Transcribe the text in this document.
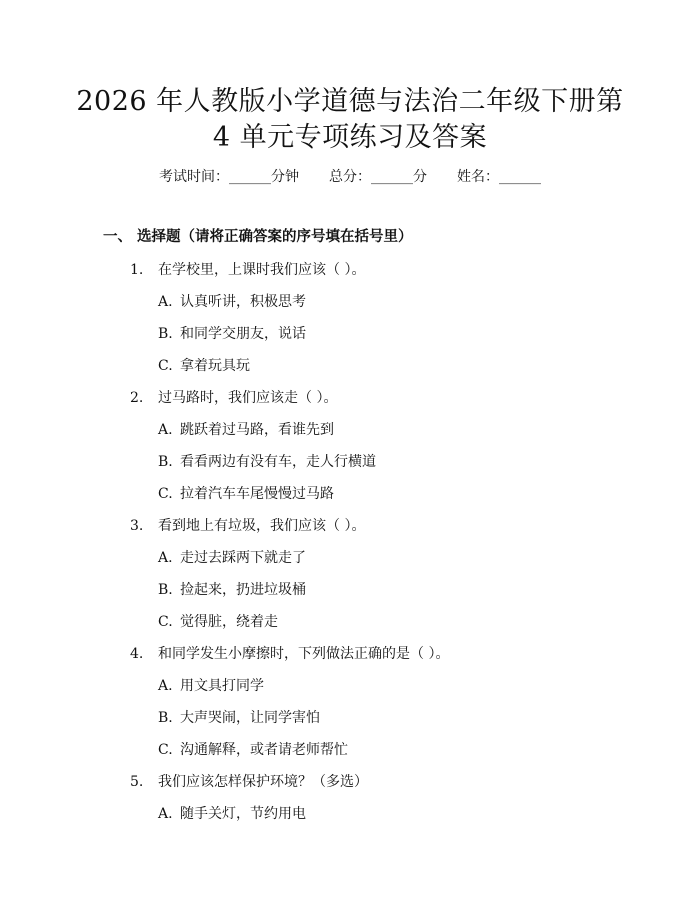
2026 年人教版小学道德与法治二年级下册第
4 单元专项练习及答案
考试时间：______分钟 总分：______分 姓名：______
一、 选择题（请将正确答案的序号填在括号里）
1. 在学校里，上课时我们应该（ ）。
A. 认真听讲，积极思考
B. 和同学交朋友，说话
C. 拿着玩具玩
2. 过马路时，我们应该走（ ）。
A. 跳跃着过马路，看谁先到
B. 看看两边有没有车，走人行横道
C. 拉着汽车车尾慢慢过马路
3. 看到地上有垃圾，我们应该（ ）。
A. 走过去踩两下就走了
B. 捡起来，扔进垃圾桶
C. 觉得脏，绕着走
4. 和同学发生小摩擦时，下列做法正确的是（ ）。
A. 用文具打同学
B. 大声哭闹，让同学害怕
C. 沟通解释，或者请老师帮忙
5. 我们应该怎样保护环境？（多选）
A. 随手关灯，节约用电
